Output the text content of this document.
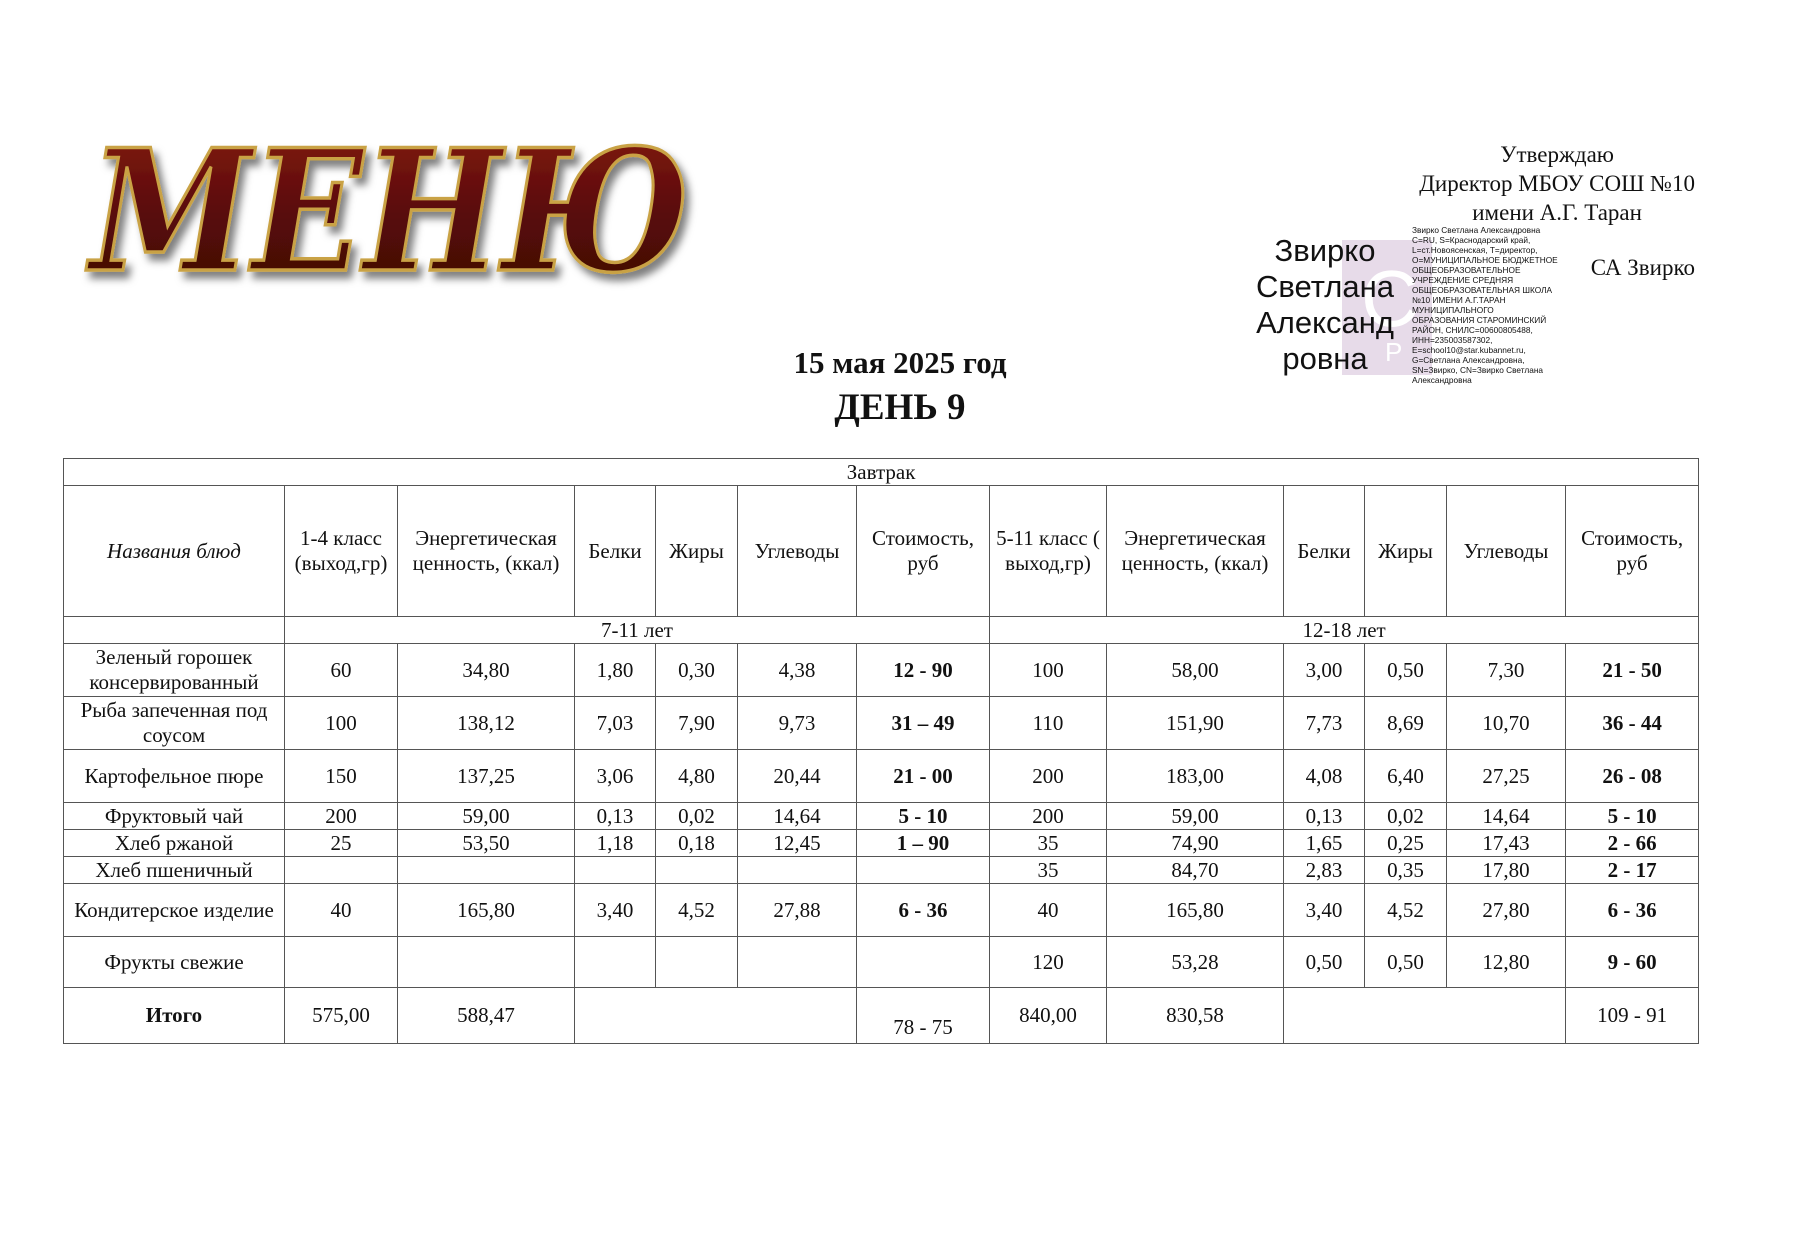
МЕНЮ	Утверждаю
Директор МБОУ СОШ №10
имени А.Г. Таран
СА Звирко
C
P
Звирко
Светлана
Александ
ровна
Звирко Светлана Александровна
C=RU, S=Краснодарский край,
L=ст.Новоясенская, T=директор,
O=МУНИЦИПАЛЬНОЕ БЮДЖЕТНОЕ
ОБЩЕОБРАЗОВАТЕЛЬНОЕ
УЧРЕЖДЕНИЕ СРЕДНЯЯ
ОБЩЕОБРАЗОВАТЕЛЬНАЯ ШКОЛА
№10 ИМЕНИ А.Г.ТАРАН
МУНИЦИПАЛЬНОГО
ОБРАЗОВАНИЯ СТАРОМИНСКИЙ
РАЙОН, СНИЛС=00600805488,
ИНН=235003587302,
E=school10@star.kubannet.ru,
G=Светлана Александровна,
SN=Звирко, CN=Звирко Светлана
Александровна
15 мая 2025 год
ДЕНЬ 9
Завтрак												
Названия блюд	1-4 класс (выход,гр)	Энергетическая ценность, (ккал)	Белки	Жиры	Углеводы	Стоимость, руб	5-11 класс ( выход,гр)	Энергетическая ценность, (ккал)	Белки	Жиры	Углеводы	Стоимость, руб
	7-11 лет						12-18 лет					
Зеленый горошек консервированный	60	34,80	1,80	0,30	4,38	12 - 90	100	58,00	3,00	0,50	7,30	21 - 50
Рыба запеченная под соусом	100	138,12	7,03	7,90	9,73	31 – 49	110	151,90	7,73	8,69	10,70	36 - 44
Картофельное пюре	150	137,25	3,06	4,80	20,44	21 - 00	200	183,00	4,08	6,40	27,25	26 - 08
Фруктовый чай	200	59,00	0,13	0,02	14,64	5 - 10	200	59,00	0,13	0,02	14,64	5 - 10
Хлеб ржаной	25	53,50	1,18	0,18	12,45	1 – 90	35	74,90	1,65	0,25	17,43	2 - 66
Хлеб пшеничный							35	84,70	2,83	0,35	17,80	2 - 17
Кондитерское изделие	40	165,80	3,40	4,52	27,88	6 - 36	40	165,80	3,40	4,52	27,80	6 - 36
Фрукты свежие							120	53,28	0,50	0,50	12,80	9 - 60
Итого	575,00	588,47				78 - 75	840,00	830,58				109 - 91
